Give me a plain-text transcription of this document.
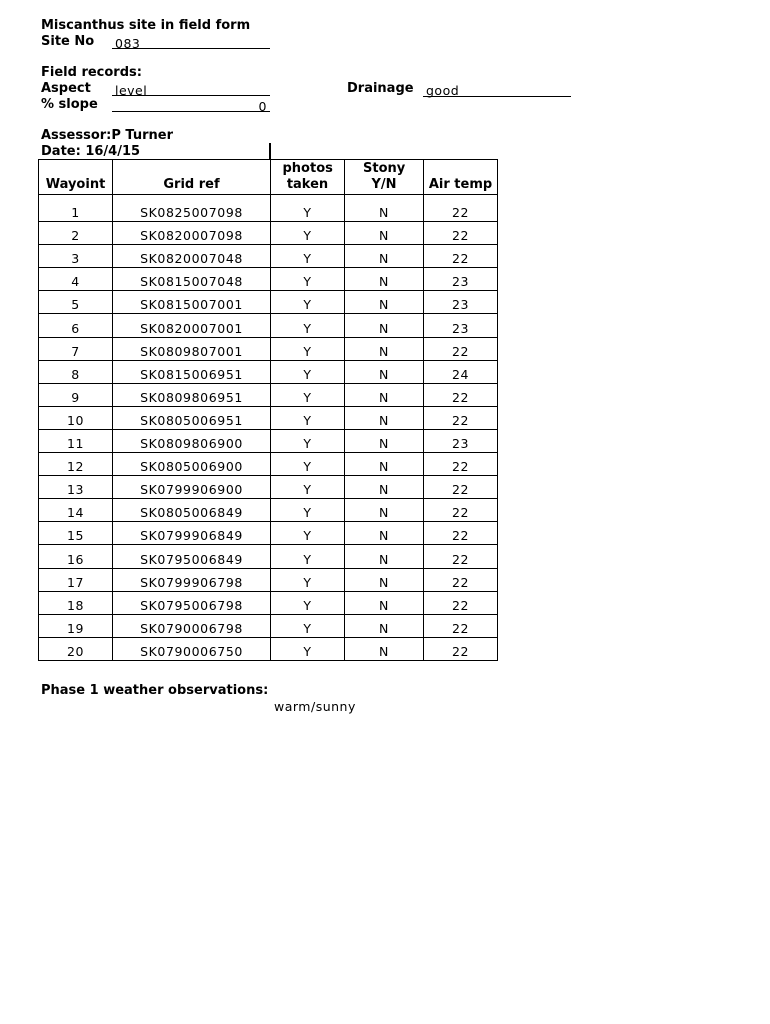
Miscanthus site in field form
Site No 083
Field records:
Aspect level	Drainage good
% slope	0
Assessor:P Turner
Date: 16/4/15
Wayoint	Grid ref	photos taken	Stony Y/N	Air temp
1	SK0825007098	Y	N	22
2	SK0820007098	Y	N	22
3	SK0820007048	Y	N	22
4	SK0815007048	Y	N	23
5	SK0815007001	Y	N	23
6	SK0820007001	Y	N	23
7	SK0809807001	Y	N	22
8	SK0815006951	Y	N	24
9	SK0809806951	Y	N	22
10	SK0805006951	Y	N	22
11	SK0809806900	Y	N	23
12	SK0805006900	Y	N	22
13	SK0799906900	Y	N	22
14	SK0805006849	Y	N	22
15	SK0799906849	Y	N	22
16	SK0795006849	Y	N	22
17	SK0799906798	Y	N	22
18	SK0795006798	Y	N	22
19	SK0790006798	Y	N	22
20	SK0790006750	Y	N	22
Phase 1 weather observations:
warm/sunny
